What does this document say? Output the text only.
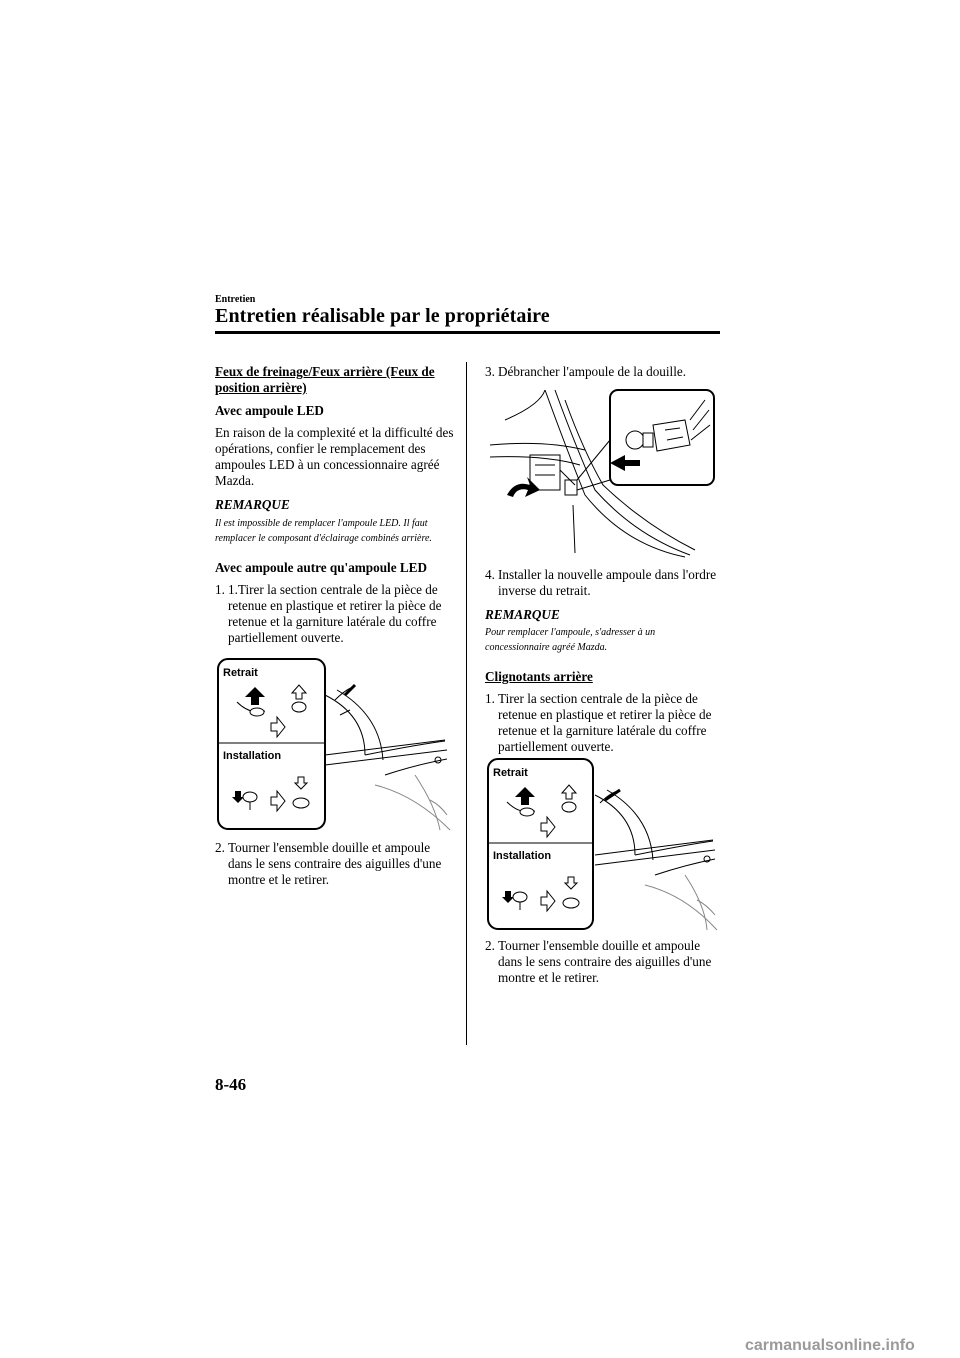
Entretien
Entretien réalisable par le propriétaire

Feux de freinage/Feux arrière (Feux de position arrière)

Avec ampoule LED

En raison de la complexité et la difficulté des opérations, confier le remplacement des ampoules LED à un concessionnaire agréé Mazda.

REMARQUE

Il est impossible de remplacer l'ampoule LED. Il faut remplacer le composant d'éclairage combinés arrière.

Avec ampoule autre qu'ampoule LED

1. 1.Tirer la section centrale de la pièce de retenue en plastique et retirer la pièce de retenue et la garniture latérale du coffre partiellement ouverte.

Retrait
Installation
2. Tourner l'ensemble douille et ampoule dans le sens contraire des aiguilles d'une montre et le retirer.

3. Débrancher l'ampoule de la douille.

4. Installer la nouvelle ampoule dans l'ordre inverse du retrait.

REMARQUE

Pour remplacer l'ampoule, s'adresser à un concessionnaire agréé Mazda.

Clignotants arrière

1. Tirer la section centrale de la pièce de retenue en plastique et retirer la pièce de retenue et la garniture latérale du coffre partiellement ouverte.

Retrait
Installation
2. Tourner l'ensemble douille et ampoule dans le sens contraire des aiguilles d'une montre et le retirer.

8-46
carmanualsonline.info
